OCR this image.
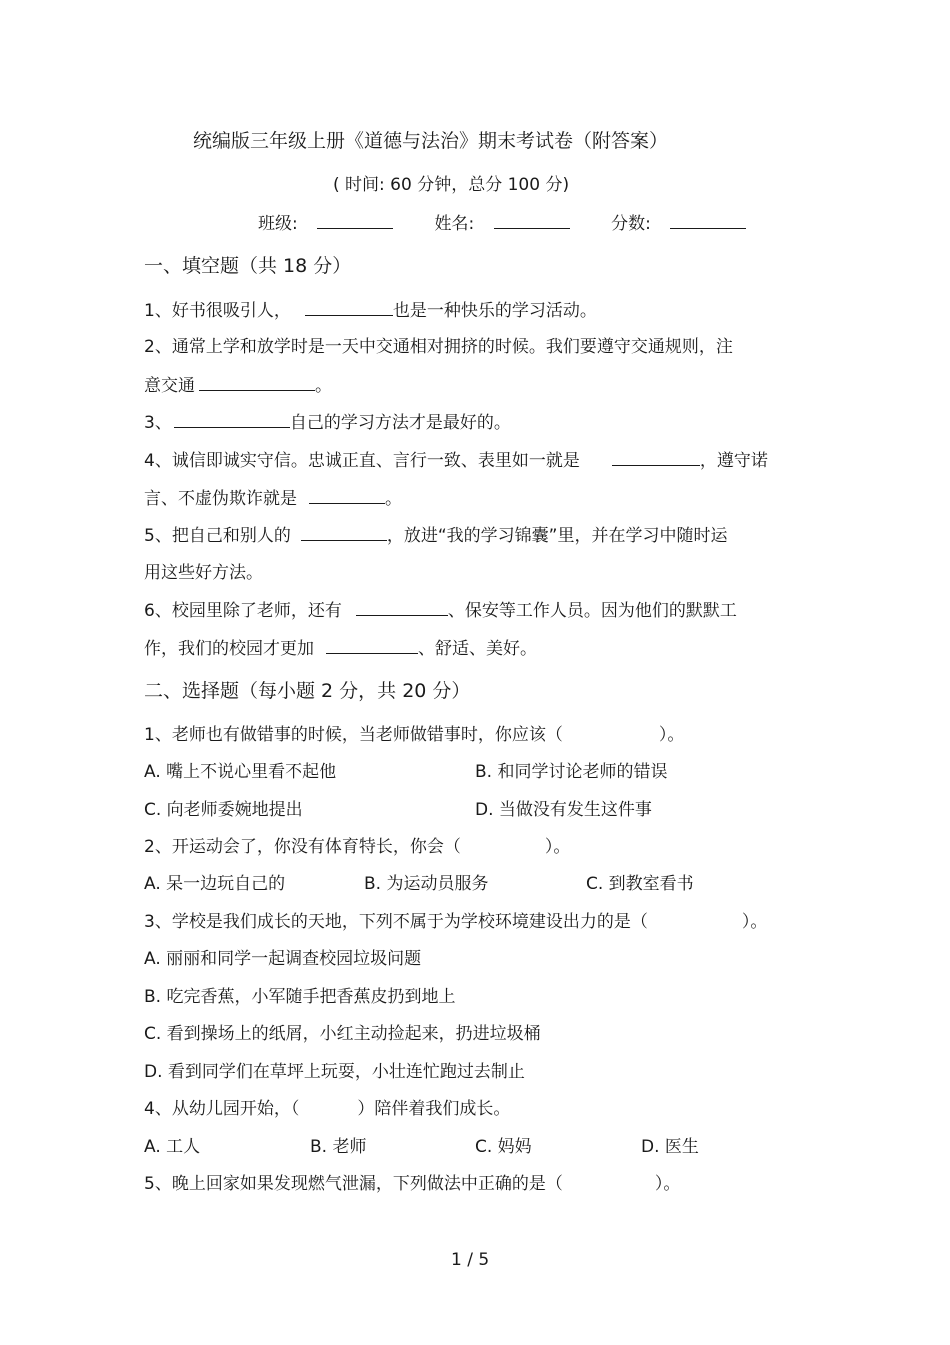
统编版三年级上册《道德与法治》期末考试卷（附答案）
( 时间: 60 分钟，总分 100 分)
班级:	姓名:	分数:
一、填空题（共 18 分）
1、好书很吸引人，	也是一种快乐的学习活动。
2、通常上学和放学时是一天中交通相对拥挤的时候。我们要遵守交通规则，注
意交通	。
3、	自己的学习方法才是最好的。
4、诚信即诚实守信。忠诚正直、言行一致、表里如一就是	，遵守诺
言、不虚伪欺诈就是	。
5、把自己和别人的	，放进“我的学习锦囊”里，并在学习中随时运
用这些好方法。
6、校园里除了老师，还有	、保安等工作人员。因为他们的默默工
作，我们的校园才更加	、舒适、美好。
二、选择题（每小题 2 分，共 20 分）
1、老师也有做错事的时候，当老师做错事时，你应该（	）。
A. 嘴上不说心里看不起他	B. 和同学讨论老师的错误
C. 向老师委婉地提出	D. 当做没有发生这件事
2、开运动会了，你没有体育特长，你会（	）。
A. 呆一边玩自己的	B. 为运动员服务	C. 到教室看书
3、学校是我们成长的天地，下列不属于为学校环境建设出力的是（	）。
A. 丽丽和同学一起调查校园垃圾问题
B. 吃完香蕉，小军随手把香蕉皮扔到地上
C. 看到操场上的纸屑，小红主动捡起来，扔进垃圾桶
D. 看到同学们在草坪上玩耍，小壮连忙跑过去制止
4、从幼儿园开始，（	）陪伴着我们成长。
A. 工人	B. 老师	C. 妈妈	D. 医生
5、晚上回家如果发现燃气泄漏，下列做法中正确的是（	）。
1 / 5
